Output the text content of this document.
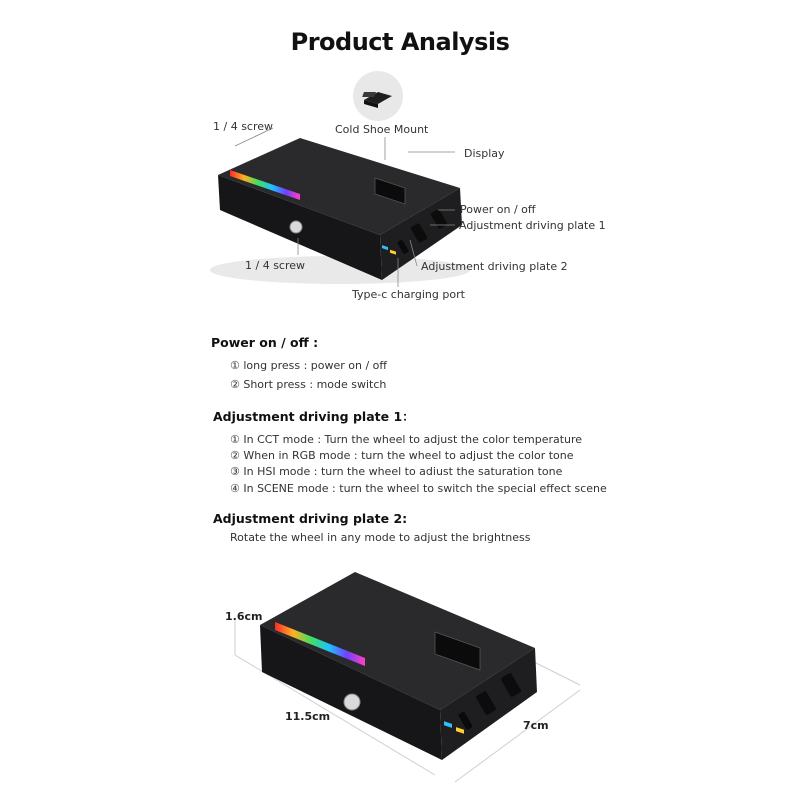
Product Analysis
1 / 4 screw	Cold Shoe Mount
Display
Power on / off
Adjustment driving plate 1
Adjustment driving plate 2
1 / 4 screw
Type-c charging port
Power on / off :
① long press : power on / off
② Short press : mode switch
Adjustment driving plate 1：
① In CCT mode : Turn the wheel to adjust the color temperature
② When in RGB mode : turn the wheel to adjust the color tone
③ In HSI mode : turn the wheel to adiust the saturation tone
④ In SCENE mode : turn the wheel to switch the special effect scene
Adjustment driving plate 2:
Rotate the wheel in any mode to adjust the brightness
1.6cm
11.5cm
7cm
